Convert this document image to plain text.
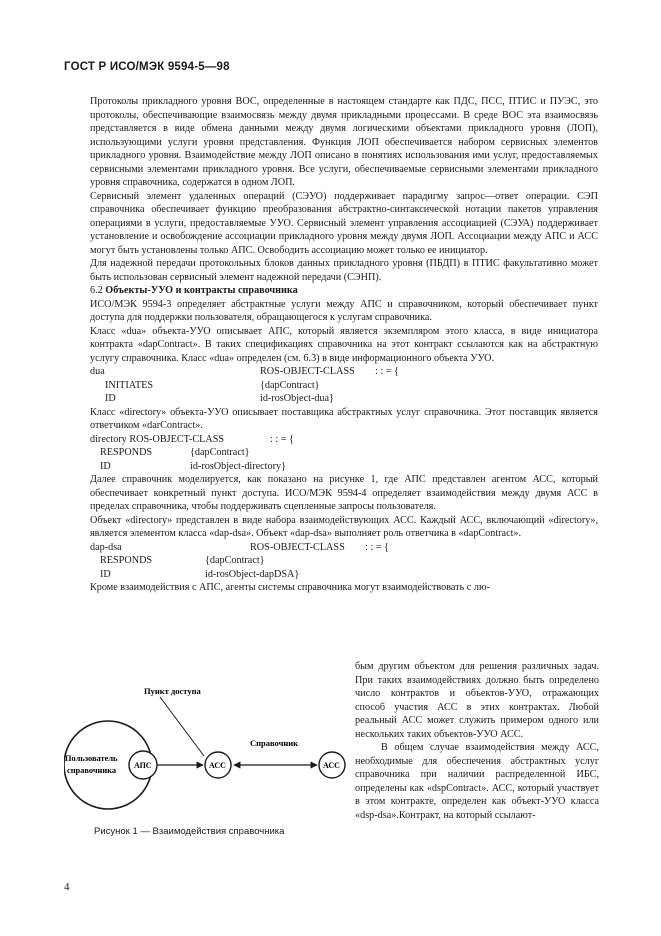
ГОСТ Р ИСО/МЭК 9594-5—98

Протоколы прикладного уровня ВОС, определенные в настоящем стандарте как ПДС, ПСС, ПТИС и ПУЭС, это протоколы, обеспечивающие взаимосвязь между двумя прикладными процессами. В среде ВОС эта взаимосвязь представляется в виде обмена данными между двумя логическими объектами прикладного уровня (ЛОП), использующими услуги уровня представления. Функция ЛОП обеспечивается набором сервисных элементов прикладного уровня. Взаимодействие между ЛОП описано в понятиях использования ими услуг, предоставляемых сервисными элементами прикладного уровня. Все услуги, обеспечиваемые сервисными элементами прикладного уровня справочника, содержатся в одном ЛОП.

Сервисный элемент удаленных операций (СЭУО) поддерживает парадигму запрос—ответ операции. СЭП справочника обеспечивает функцию преобразования абстрактно-синтаксической нотации пакетов управления операциями в услуги, предоставляемые УУО. Сервисный элемент управления ассоциацией (СЭУА) поддерживает установление и освобождение ассоциации прикладного уровня между двумя ЛОП. Ассоциации между АПС и АСС могут быть установлены только АПС. Освободить ассоциацию может только ее инициатор.

Для надежной передачи протокольных блоков данных прикладного уровня (ПБДП) в ПТИС факультативно может быть использован сервисный элемент надежной передачи (СЭНП).

6.2 Объекты-УУО и контракты справочника

ИСО/МЭК 9594-3 определяет абстрактные услуги между АПС и справочником, который обеспечивает пункт доступа для поддержки пользователя, обращающегося к услугам справочника.

Класс «dua» объекта-УУО описывает АПС, который является экземпляром этого класса, в виде инициатора контракта «dapContract». В таких спецификациях справочника на этот контракт ссылаются как на абстрактную услугу справочника. Класс «dua» определен (см. 6.3) в виде информационного объекта УУО.

dua	ROS-OBJECT-CLASS : : = {
INITIATES	{dapContract}
ID	id-rosObject-dua}

Класс «directory» объекта-УУО описывает поставщика абстрактных услуг справочника. Этот поставщик является ответчиком «darContract».

directory ROS-OBJECT-CLASS	: : = {
RESPONDS	{dapContract}
ID	id-rosObject-directory}

Далее справочник моделируется, как показано на рисунке 1, где АПС представлен агентом АСС, который обеспечивает конкретный пункт доступа. ИСО/МЭК 9594-4 определяет взаимодействия между двумя АСС в пределах справочника, чтобы поддерживать сцепленные запросы пользователя.

Объект «directory» представлен в виде набора взаимодействующих АСС. Каждый АСС, включающий «directory», является элементом класса «dap-dsa». Объект «dap-dsa» выполняет роль ответчика в «dapContract».

dap-dsa	ROS-OBJECT-CLASS : : = {
RESPONDS	{dapContract}
ID	id-rosObject-dapDSA}

Кроме взаимодействия с АПС, агенты системы справочника могут взаимодействовать с лю-

бым другим объектом для решения различных задач. При таких взаимодействиях должно быть определено число контрактов и объектов-УУО, отражающих способ участия АСС в этих контрактах. Любой реальный АСС может служить примером одного или нескольких таких объектов-УУО АСС.

В общем случае взаимодействия между АСС, необходимые для обеспечения абстрактных услуг справочника при наличии распределенной ИБС, определены как «dspContract». АСС, который участвует в этом контракте, определен как объект-УУО класса «dsp-dsa».Контракт, на который ссылают-

Пункт доступа
Пользователь
справочника
АПС	АСС	АСС
Справочник
Рисунок 1 — Взаимодействия справочника
4
